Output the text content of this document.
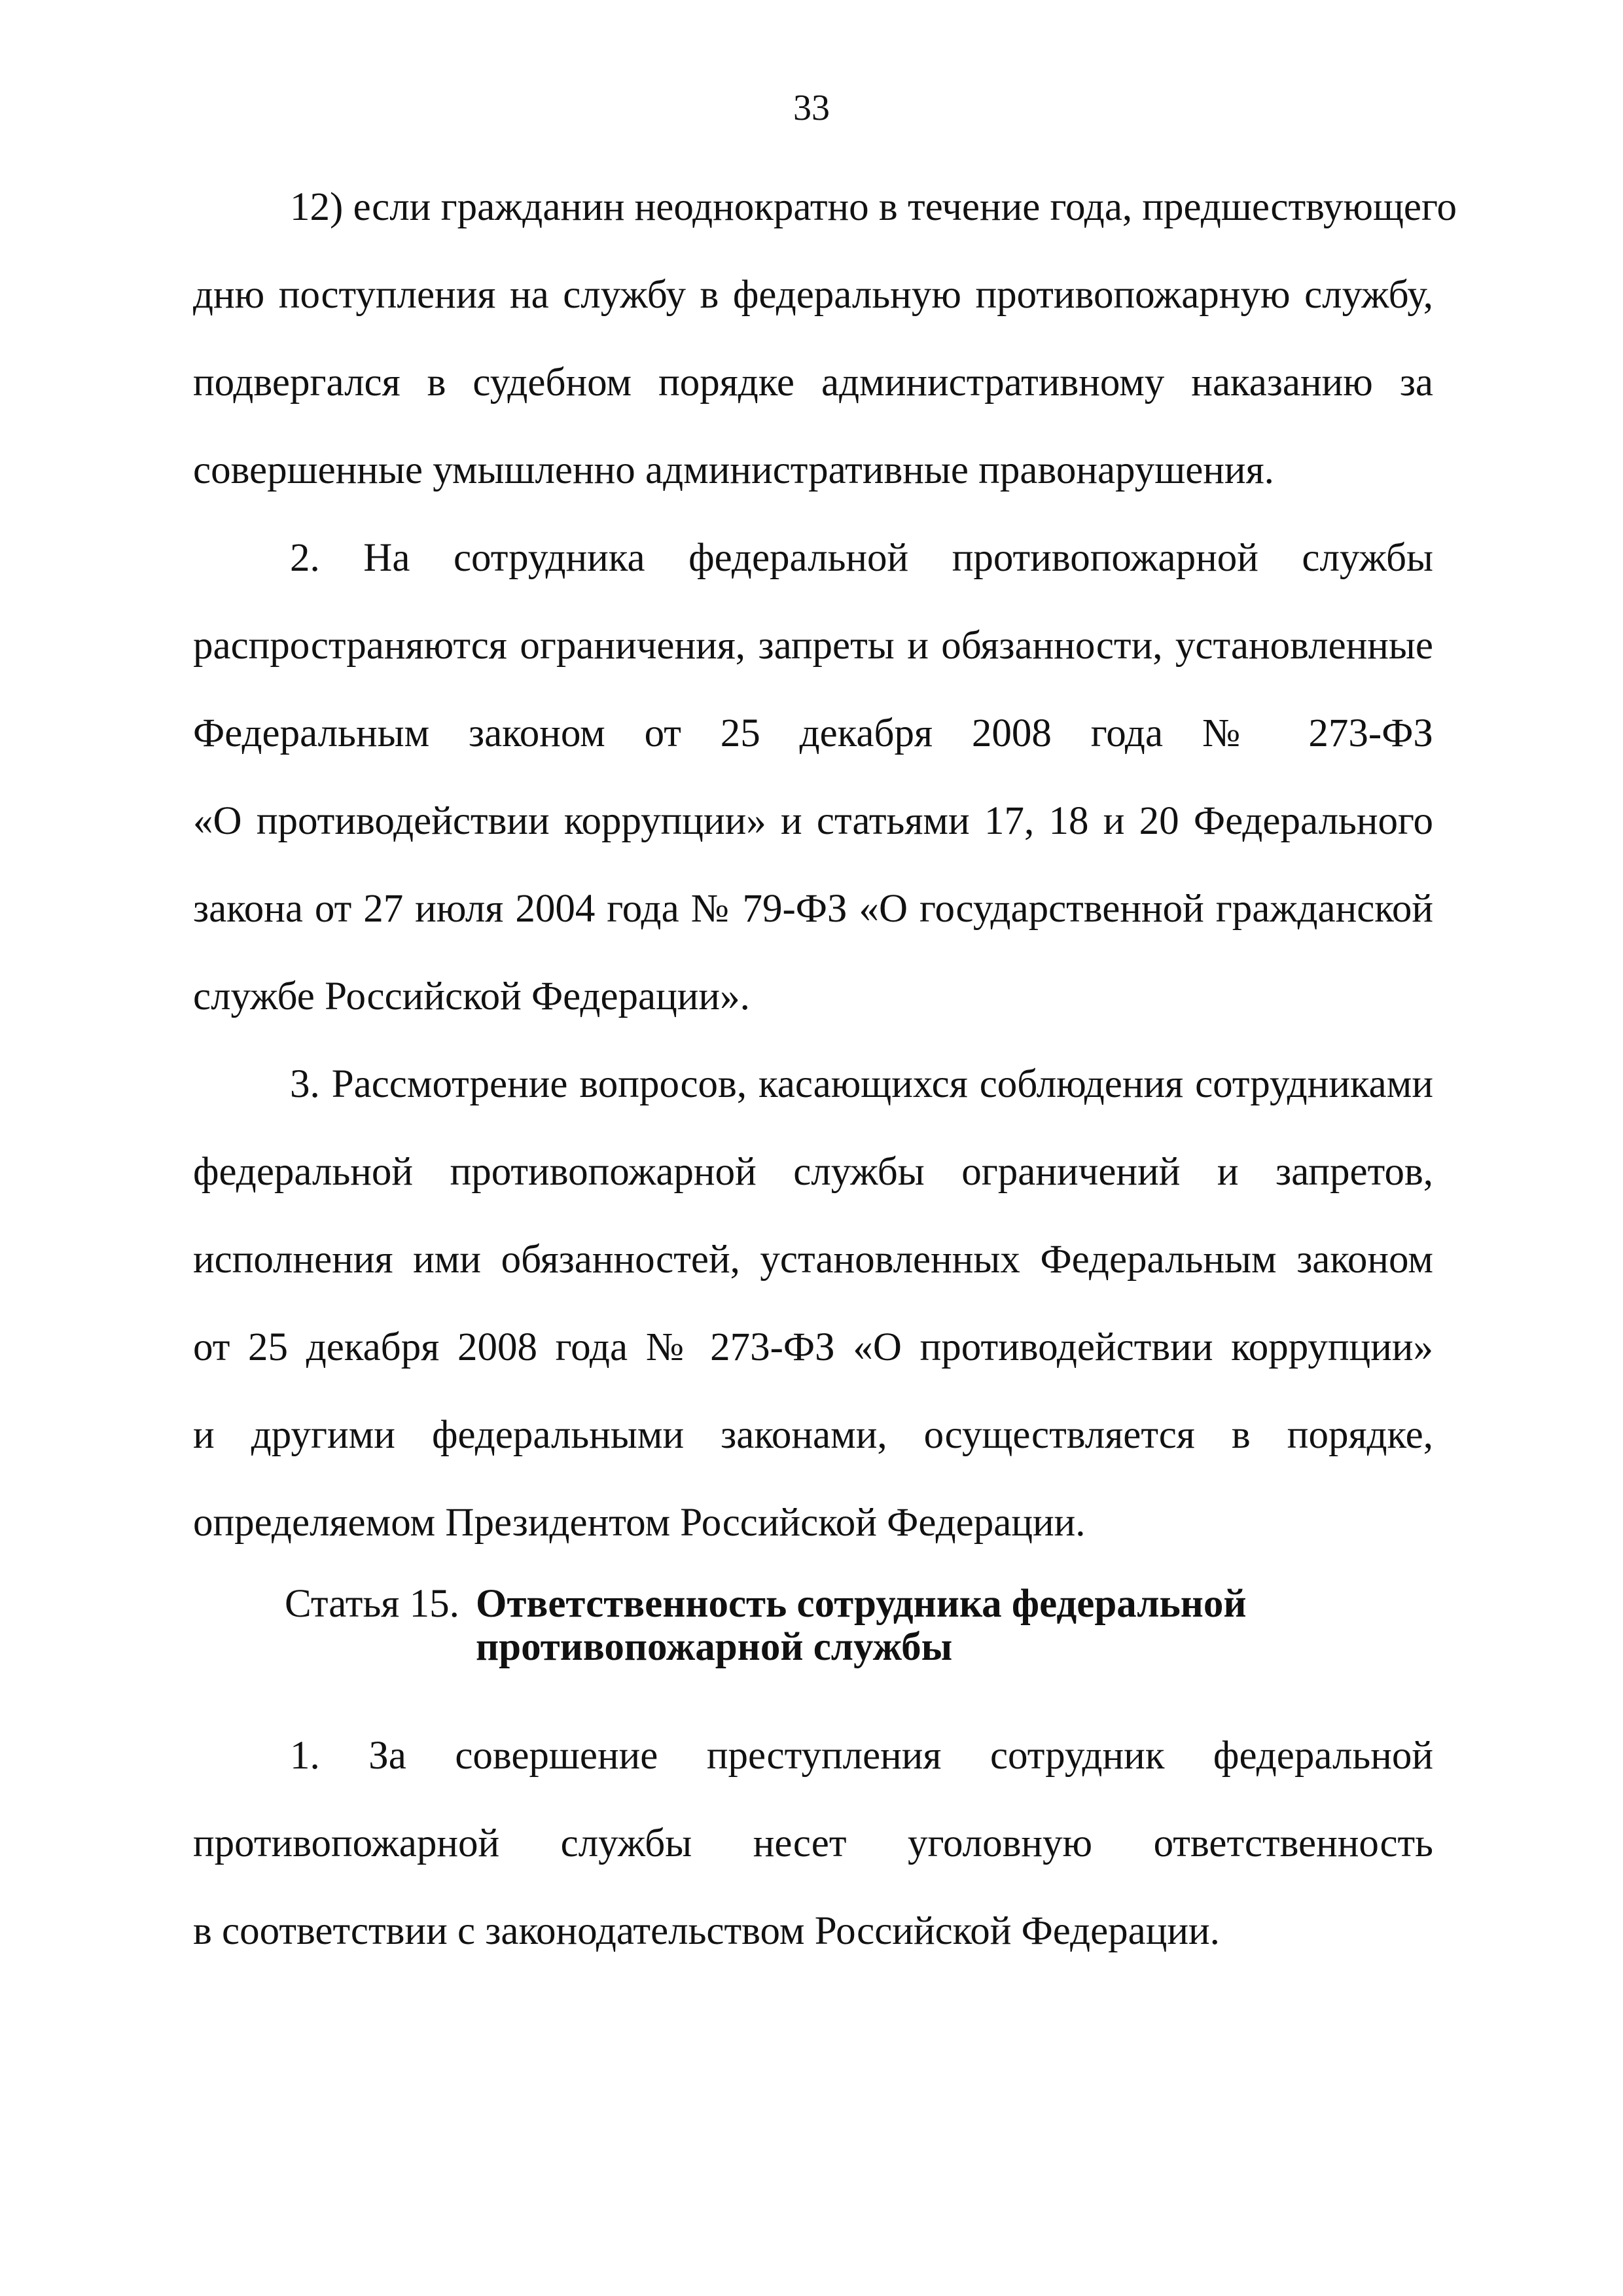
33

12) если гражданин неоднократно в течение года, предшествующего
дню поступления на службу в федеральную противопожарную службу,
подвергался в судебном порядке административному наказанию за
совершенные умышленно административные правонарушения.

2. На сотрудника федеральной противопожарной службы
распространяются ограничения, запреты и обязанности, установленные
Федеральным законом от 25 декабря 2008 года № 273-ФЗ
«О противодействии коррупции» и статьями 17, 18 и 20 Федерального
закона от 27 июля 2004 года № 79-ФЗ «О государственной гражданской
службе Российской Федерации».

3. Рассмотрение вопросов, касающихся соблюдения сотрудниками
федеральной противопожарной службы ограничений и запретов,
исполнения ими обязанностей, установленных Федеральным законом
от 25 декабря 2008 года № 273-ФЗ «О противодействии коррупции»
и другими федеральными законами, осуществляется в порядке,
определяемом Президентом Российской Федерации.

Статья 15. Ответственность сотрудника федеральной
противопожарной службы

1. За совершение преступления сотрудник федеральной
противопожарной службы несет уголовную ответственность
в соответствии с законодательством Российской Федерации.
